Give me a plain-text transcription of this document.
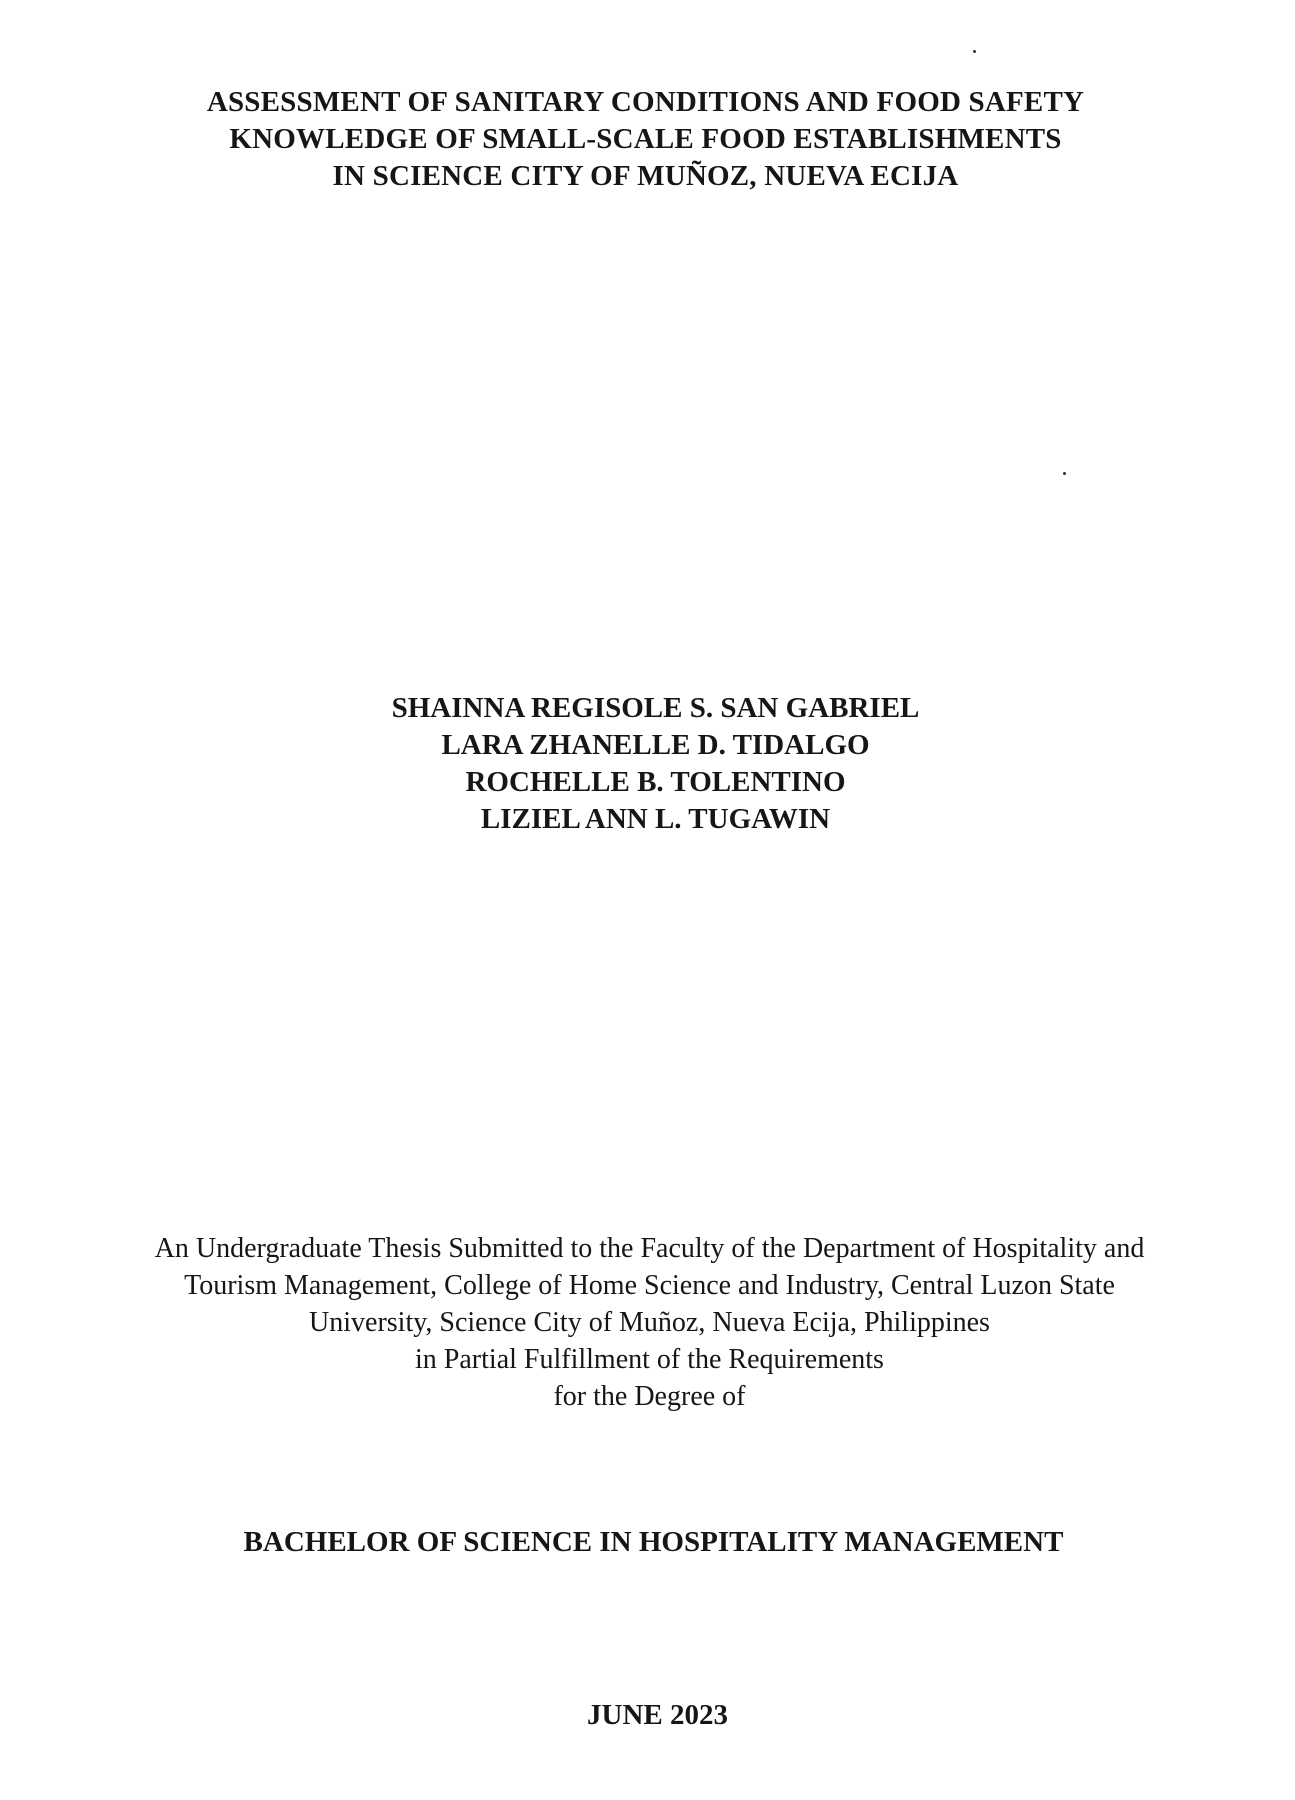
ASSESSMENT OF SANITARY CONDITIONS AND FOOD SAFETY
KNOWLEDGE OF SMALL-SCALE FOOD ESTABLISHMENTS
IN SCIENCE CITY OF MUÑOZ, NUEVA ECIJA
SHAINNA REGISOLE S. SAN GABRIEL
LARA ZHANELLE D. TIDALGO
ROCHELLE B. TOLENTINO
LIZIEL ANN L. TUGAWIN
An Undergraduate Thesis Submitted to the Faculty of the Department of Hospitality and
Tourism Management, College of Home Science and Industry, Central Luzon State
University, Science City of Muñoz, Nueva Ecija, Philippines
in Partial Fulfillment of the Requirements
for the Degree of
BACHELOR OF SCIENCE IN HOSPITALITY MANAGEMENT
JUNE 2023
